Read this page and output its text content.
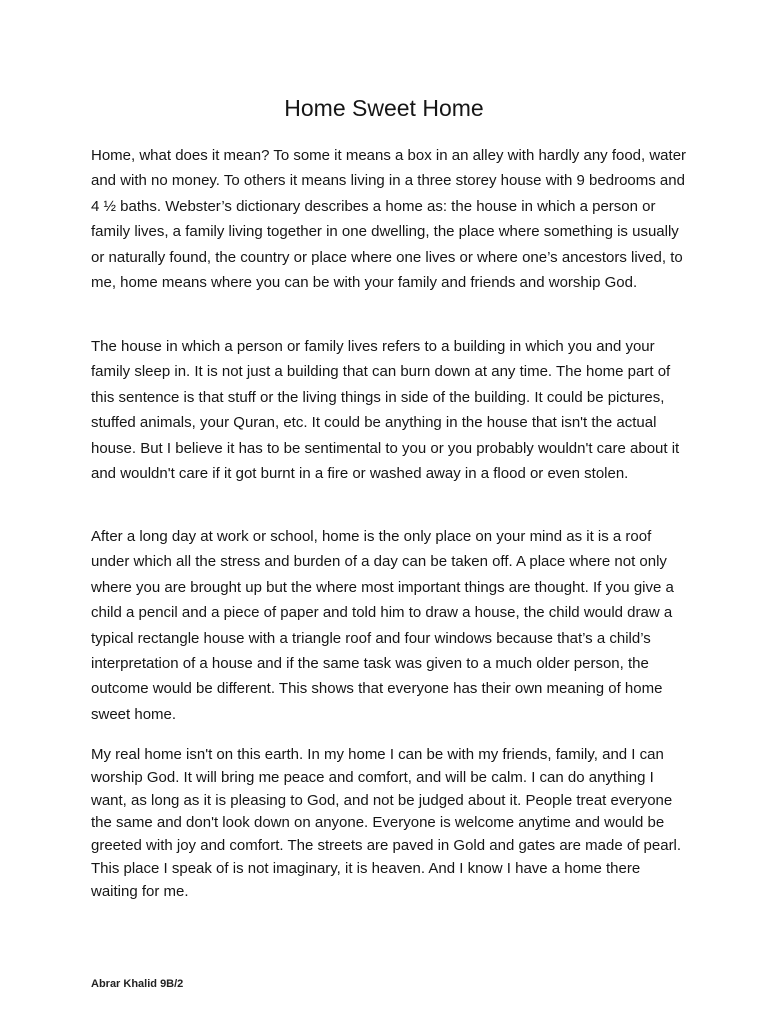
Home Sweet Home

Home, what does it mean? To some it means a box in an alley with hardly any food, water and with no money. To others it means living in a three storey house with 9 bedrooms and 4 ½ baths. Webster’s dictionary describes a home as: the house in which a person or family lives, a family living together in one dwelling, the place where something is usually or naturally found, the country or place where one lives or where one’s ancestors lived, to me, home means where you can be with your family and friends and worship God.

The house in which a person or family lives refers to a building in which you and your family sleep in. It is not just a building that can burn down at any time. The home part of this sentence is that stuff or the living things in side of the building. It could be pictures, stuffed animals, your Quran, etc. It could be anything in the house that isn't the actual house. But I believe it has to be sentimental to you or you probably wouldn't care about it and wouldn't care if it got burnt in a fire or washed away in a flood or even stolen.

After a long day at work or school, home is the only place on your mind as it is a roof under which all the stress and burden of a day can be taken off. A place where not only where you are brought up but the where most important things are thought. If you give a child a pencil and a piece of paper and told him to draw a house, the child would draw a typical rectangle house with a triangle roof and four windows because that’s a child’s interpretation of a house and if the same task was given to a much older person, the outcome would be different. This shows that everyone has their own meaning of home sweet home.

My real home isn't on this earth. In my home I can be with my friends, family, and I can worship God. It will bring me peace and comfort, and will be calm. I can do anything I want, as long as it is pleasing to God, and not be judged about it. People treat everyone the same and don't look down on anyone. Everyone is welcome anytime and would be greeted with joy and comfort. The streets are paved in Gold and gates are made of pearl. This place I speak of is not imaginary, it is heaven. And I know I have a home there waiting for me.

Abrar Khalid 9B/2
